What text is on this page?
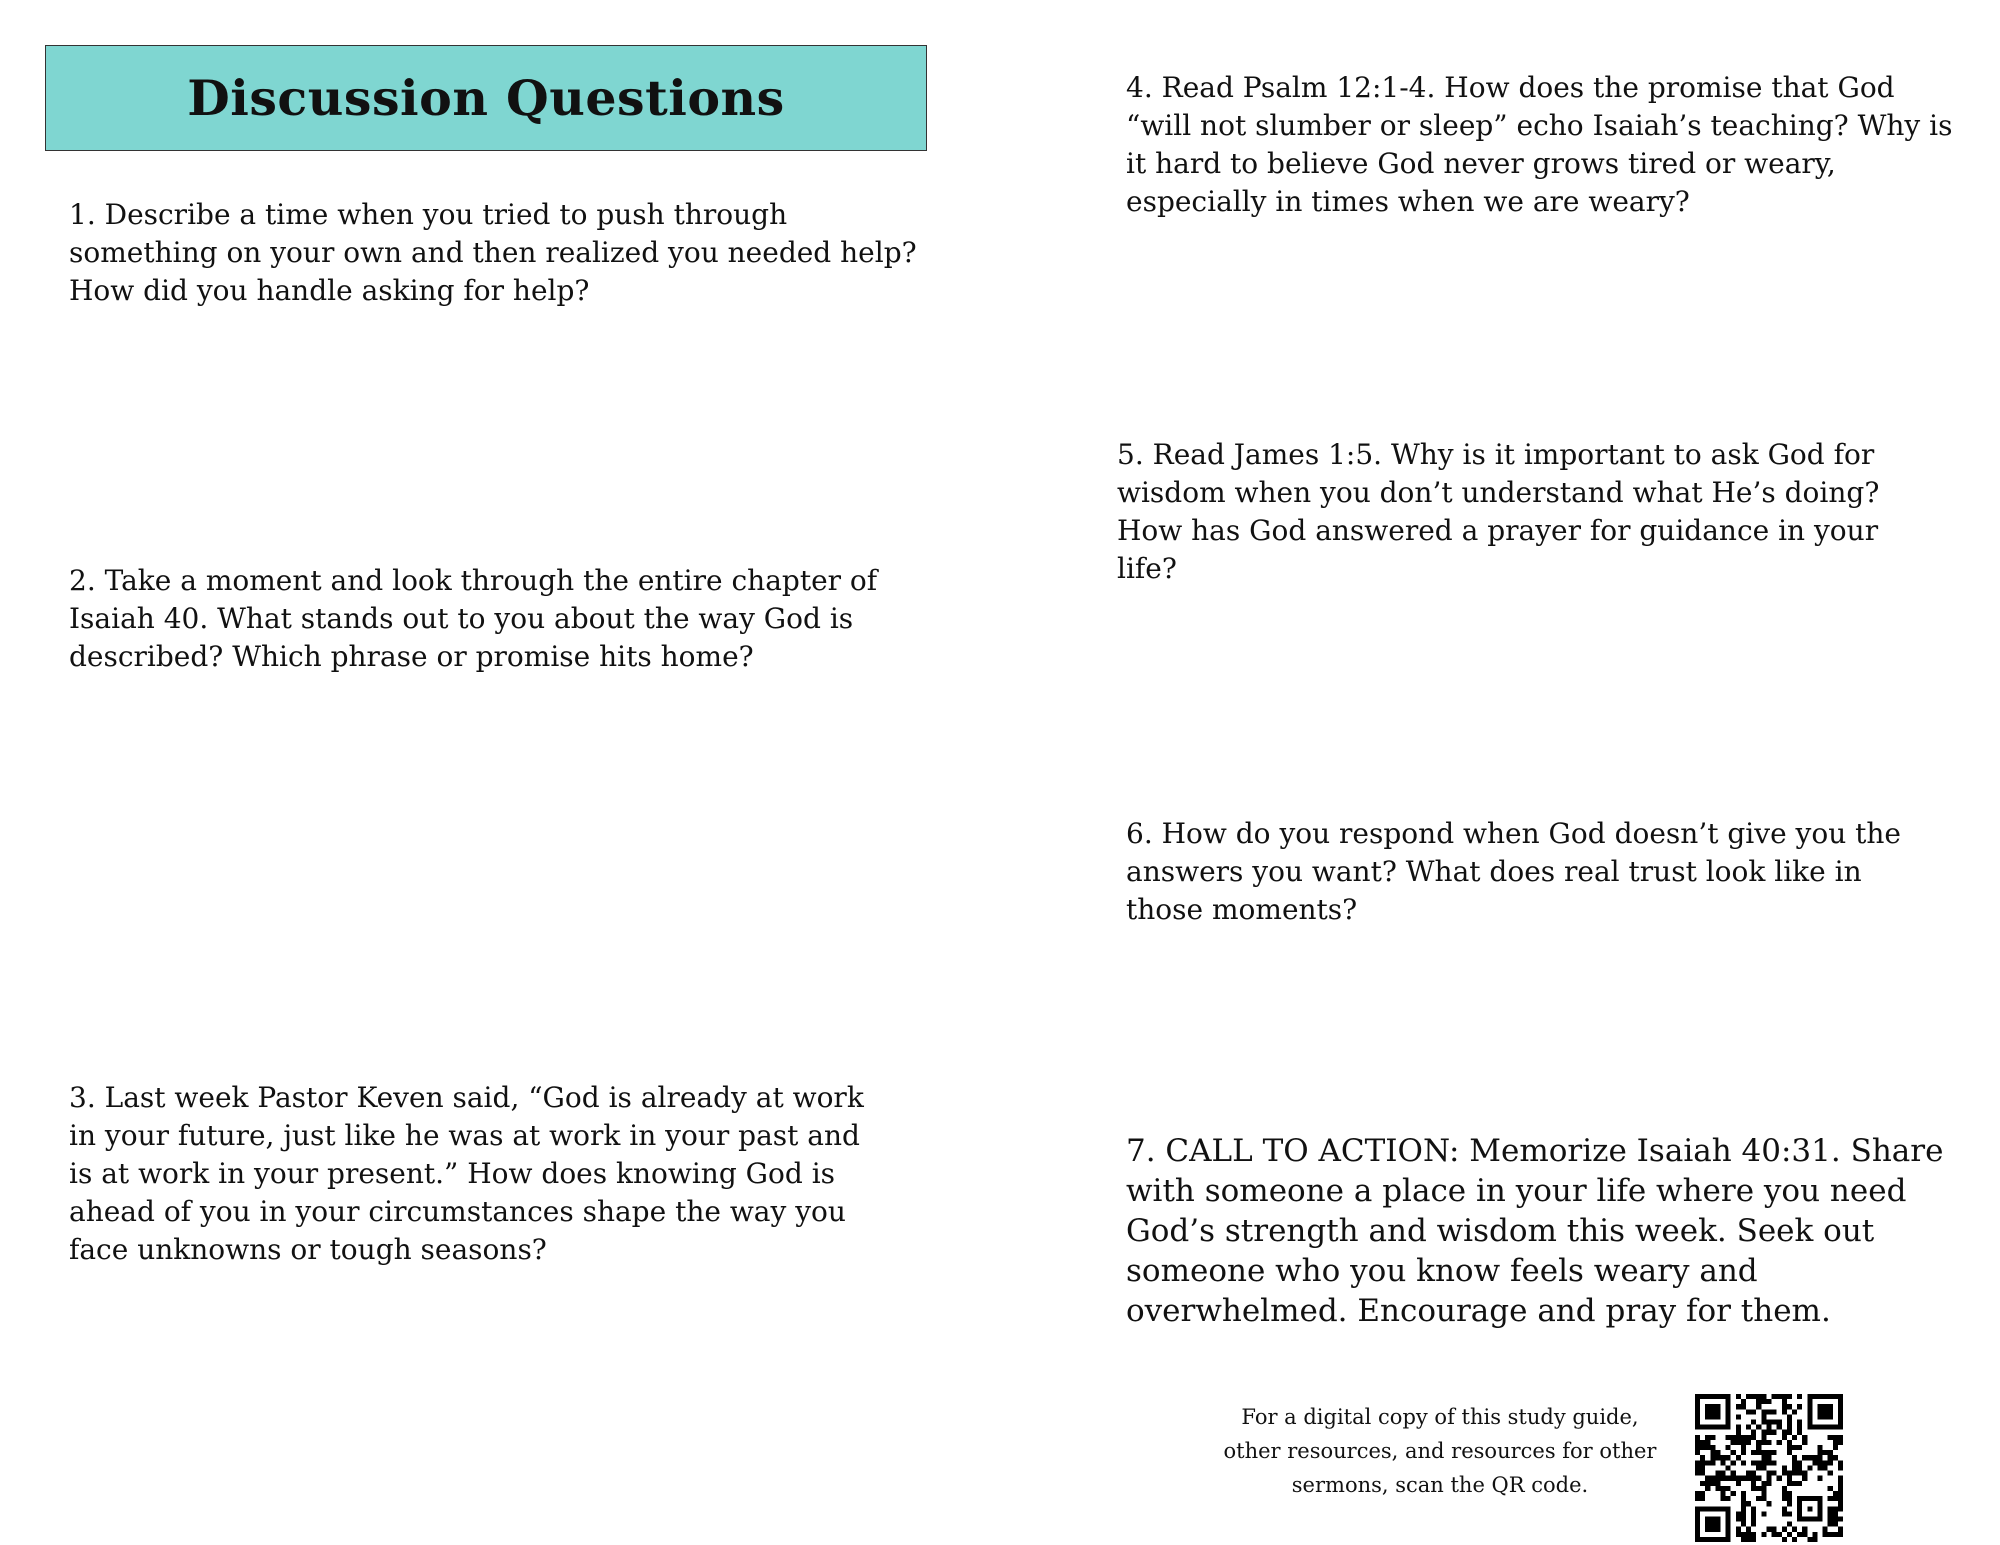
Discussion Questions

1. Describe a time when you tried to push through something on your own and then realized you needed help? How did you handle asking for help?

2. Take a moment and look through the entire chapter of Isaiah 40. What stands out to you about the way God is described? Which phrase or promise hits home?

3. Last week Pastor Keven said, “God is already at work in your future, just like he was at work in your past and is at work in your present.” How does knowing God is ahead of you in your circumstances shape the way you face unknowns or tough seasons?

4. Read Psalm 12:1-4. How does the promise that God “will not slumber or sleep” echo Isaiah’s teaching? Why is it hard to believe God never grows tired or weary, especially in times when we are weary?

5. Read James 1:5. Why is it important to ask God for wisdom when you don’t understand what He’s doing? How has God answered a prayer for guidance in your life?

6. How do you respond when God doesn’t give you the answers you want? What does real trust look like in those moments?

7. CALL TO ACTION: Memorize Isaiah 40:31. Share with someone a place in your life where you need God’s strength and wisdom this week. Seek out someone who you know feels weary and overwhelmed. Encourage and pray for them.

For a digital copy of this study guide, other resources, and resources for other sermons, scan the QR code.
